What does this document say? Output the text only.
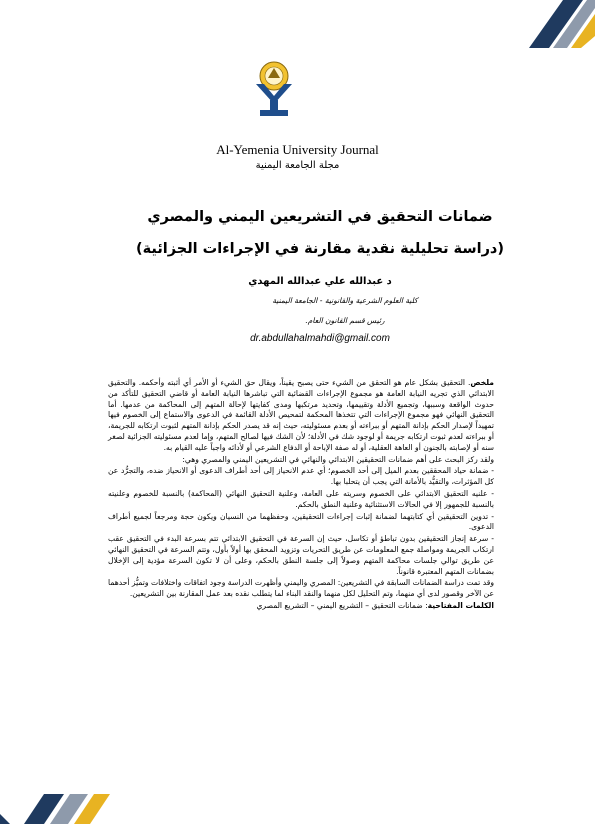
Al-Yemenia University Journal
مجلة الجامعة اليمنية
ضمانات التحقيق في التشريعين اليمني والمصري
(دراسة تحليلية نقدية مقارنة في الإجراءات الجزائية)
د عبدالله علي عبدالله المهدي
كلية العلوم الشرعية والقانونية - الجامعة اليمنية
رئيس قسم القانون العام.
dr.abdullahalmahdi@gmail.com

ملخص. التحقيق بشكل عام هو التحقق من الشيء حتى يصبح يقيناً، ويقال حق الشيء أو الأمر أي أثبته وأحكمه. والتحقيق الابتدائي الذي تجريه النيابة العامة هو مجموع الإجراءات القضائية التي تباشرها النيابة العامة أو قاضي التحقيق للتأكد من حدوث الواقعة وسببها، وتجميع الأدلة وتقييمها، وتحديد مرتكبها ومدى كفايتها لإحالة المتهم إلى المحاكمة من عدمها. أما التحقيق النهائي فهو مجموع الإجراءات التي تتخذها المحكمة لتمحيص الأدلة القائمة في الدعوى والاستماع إلى الخصوم فيها تمهيداً لإصدار الحكم بإدانة المتهم أو ببراءته أو بعدم مسئوليته، حيث إنه قد يصدر الحكم بإدانة المتهم لثبوت ارتكابه للجريمة، أو ببراءته لعدم ثبوت ارتكابه جريمة أو لوجود شك في الأدلة؛ لأن الشك فيها لصالح المتهم، وإما لعدم مسئوليته الجزائية لصغر سنه أو لإصابته بالجنون أو العاهة العقلية، أو له صفة الإباحة أو الدفاع الشرعي أو لأدائه واجباً عليه القيام به.

ولقد ركز البحث على أهم ضمانات التحقيقين الابتدائي والنهائي في التشريعين اليمني والمصري وهي:

- ضمانة حياد المحققين بعدم الميل إلى أحد الخصوم؛ أي عدم الانحياز إلى أحد أطراف الدعوى أو الانحياز ضده، والتجرُّد عن كل المؤثرات، والتقيُّد بالأمانة التي يجب أن يتحلبا بها.

- علنيه التحقيق الابتدائي على الخصوم وسريته على العامة، وعلنية التحقيق النهائي (المحاكمة) بالنسبة للخصوم وعلنيته بالنسبة للجمهور إلا في الحالات الاستثنائية وعلنية النطق بالحكم.

- تدوين التحقيقين أي كتابتهما لضمانة إثبات إجراءات التحقيقين، وحفظهما من النسيان ويكون حجة ومرجعاً لجميع أطراف الدعوى.

- سرعة إنجاز التحقيقين بدون تباطؤ أو تكاسل، حيث إن السرعة في التحقيق الابتدائي تتم بسرعة البدء في التحقيق عقب ارتكاب الجريمة ومواصلة جمع المعلومات عن طريق التحريات وتزويد المحقق بها أولاً بأول، وتتم السرعة في التحقيق النهائي عن طريق توالي جلسات محاكمة المتهم وصولاً إلى جلسة النطق بالحكم، وعلى أن لا تكون السرعة مؤدية إلى الإخلال بضمانات المتهم المعتبرة قانوناً.

وقد تمت دراسة الضمانات السابقة في التشريعين: المصري واليمني وأظهرت الدراسة وجود اتفاقات واختلافات وتميُّز أحدهما عن الآخر وقصور لدى أي منهما، وتم التحليل لكل منهما والنقد البناء لما يتطلب نقده بعد عمل المقارنة بين التشريعين.

الكلمات المفتاحية: ضمانات التحقيق – التشريع اليمني – التشريع المصري
